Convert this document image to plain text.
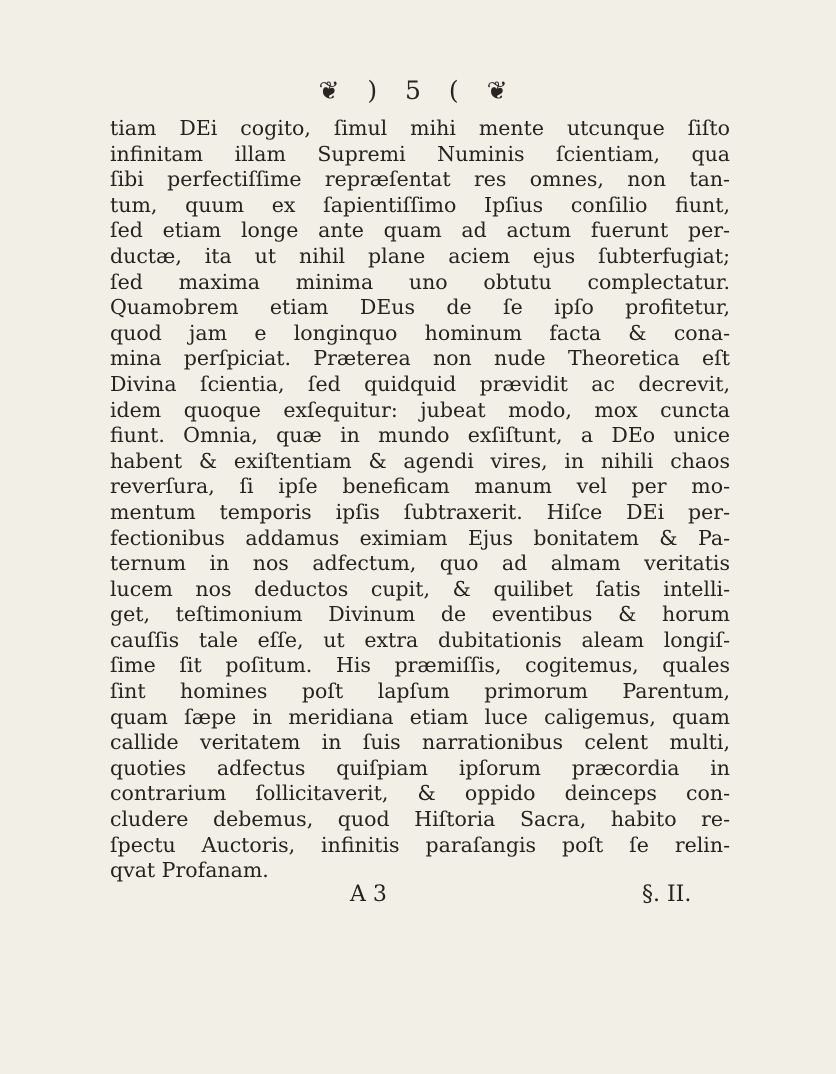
❦ ) 5 ( ❦
tiam DEi cogito, ſimul mihi mente utcunque ſiſto
infinitam illam Supremi Numinis ſcientiam, qua
ſibi perfectiſſime repræſentat res omnes, non tan-
tum, quum ex ſapientiſſimo Ipſius conſilio fiunt,
ſed etiam longe ante quam ad actum fuerunt per-
ductæ, ita ut nihil plane aciem ejus ſubterfugiat;
ſed maxima minima uno obtutu complectatur.
Quamobrem etiam DEus de ſe ipſo profitetur,
quod jam e longinquo hominum facta & cona-
mina perſpiciat. Præterea non nude Theoretica eſt
Divina ſcientia, ſed quidquid prævidit ac decrevit,
idem quoque exſequitur: jubeat modo, mox cuncta
fiunt. Omnia, quæ in mundo exſiſtunt, a DEo unice
habent & exiſtentiam & agendi vires, in nihili chaos
reverſura, ſi ipſe beneficam manum vel per mo-
mentum temporis ipſis ſubtraxerit. Hiſce DEi per-
fectionibus addamus eximiam Ejus bonitatem & Pa-
ternum in nos adfectum, quo ad almam veritatis
lucem nos deductos cupit, & quilibet ſatis intelli-
get, teſtimonium Divinum de eventibus & horum
cauſſis tale eſſe, ut extra dubitationis aleam longiſ-
ſime ſit poſitum. His præmiſſis, cogitemus, quales
ſint homines poſt lapſum primorum Parentum,
quam ſæpe in meridiana etiam luce caligemus, quam
callide veritatem in ſuis narrationibus celent multi,
quoties adfectus quiſpiam ipſorum præcordia in
contrarium ſollicitaverit, & oppido deinceps con-
cludere debemus, quod Hiſtoria Sacra, habito re-
ſpectu Auctoris, infinitis paraſangis poſt ſe relin-
qvat Profanam.
A 3	§. II.
